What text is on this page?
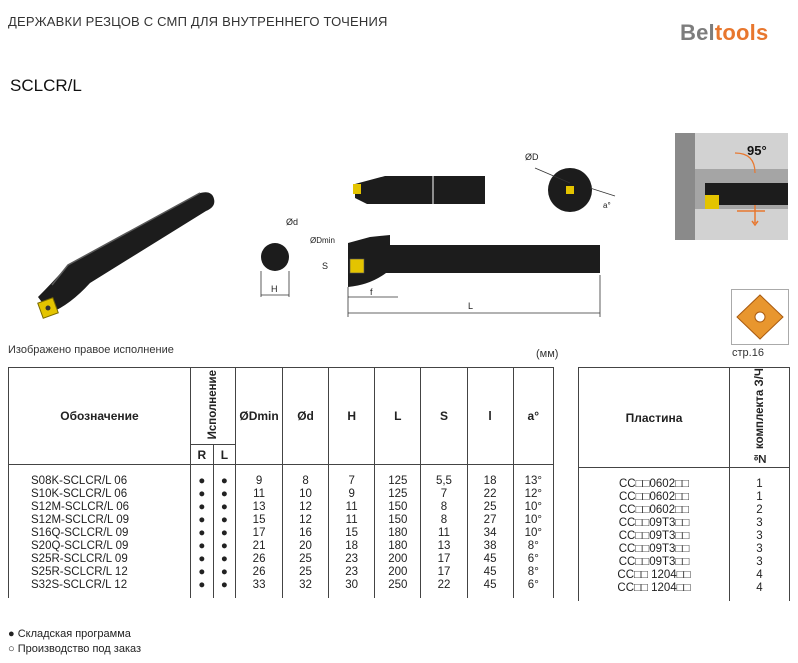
ДЕРЖАВКИ РЕЗЦОВ С СМП ДЛЯ ВНУТРЕННЕГО ТОЧЕНИЯ	Beltools
SCLCR/L
ØD
a°
H
Ød
L
f
S
ØDmin
95°
Изображено правое исполнение	(мм)	стр.16
Обозначение	Исполнение		ØDmin	Ød	H	L	S	l	a°
	R	L							
S08K-SCLCR/L 06	●	●	9	8	7	125	5,5	18	13°
S10K-SCLCR/L 06	●	●	11	10	9	125	7	22	12°
S12M-SCLCR/L 06	●	●	13	12	11	150	8	25	10°
S12M-SCLCR/L 09	●	●	15	12	11	150	8	27	10°
S16Q-SCLCR/L 09	●	●	17	16	15	180	11	34	10°
S20Q-SCLCR/L 09	●	●	21	20	18	180	13	38	8°
S25R-SCLCR/L 09	●	●	26	25	23	200	17	45	6°
S25R-SCLCR/L 12	●	●	26	25	23	200	17	45	8°
S32S-SCLCR/L 12	●	●	33	32	30	250	22	45	6°
Пластина	№ комплекта З/Ч
CC□□0602□□	1
CC□□0602□□	1
CC□□0602□□	2
CC□□09T3□□	3
CC□□09T3□□	3
CC□□09T3□□	3
CC□□09T3□□	3
CC□□ 1204□□	4
CC□□ 1204□□	4
● Складская программа
○ Производство под заказ
